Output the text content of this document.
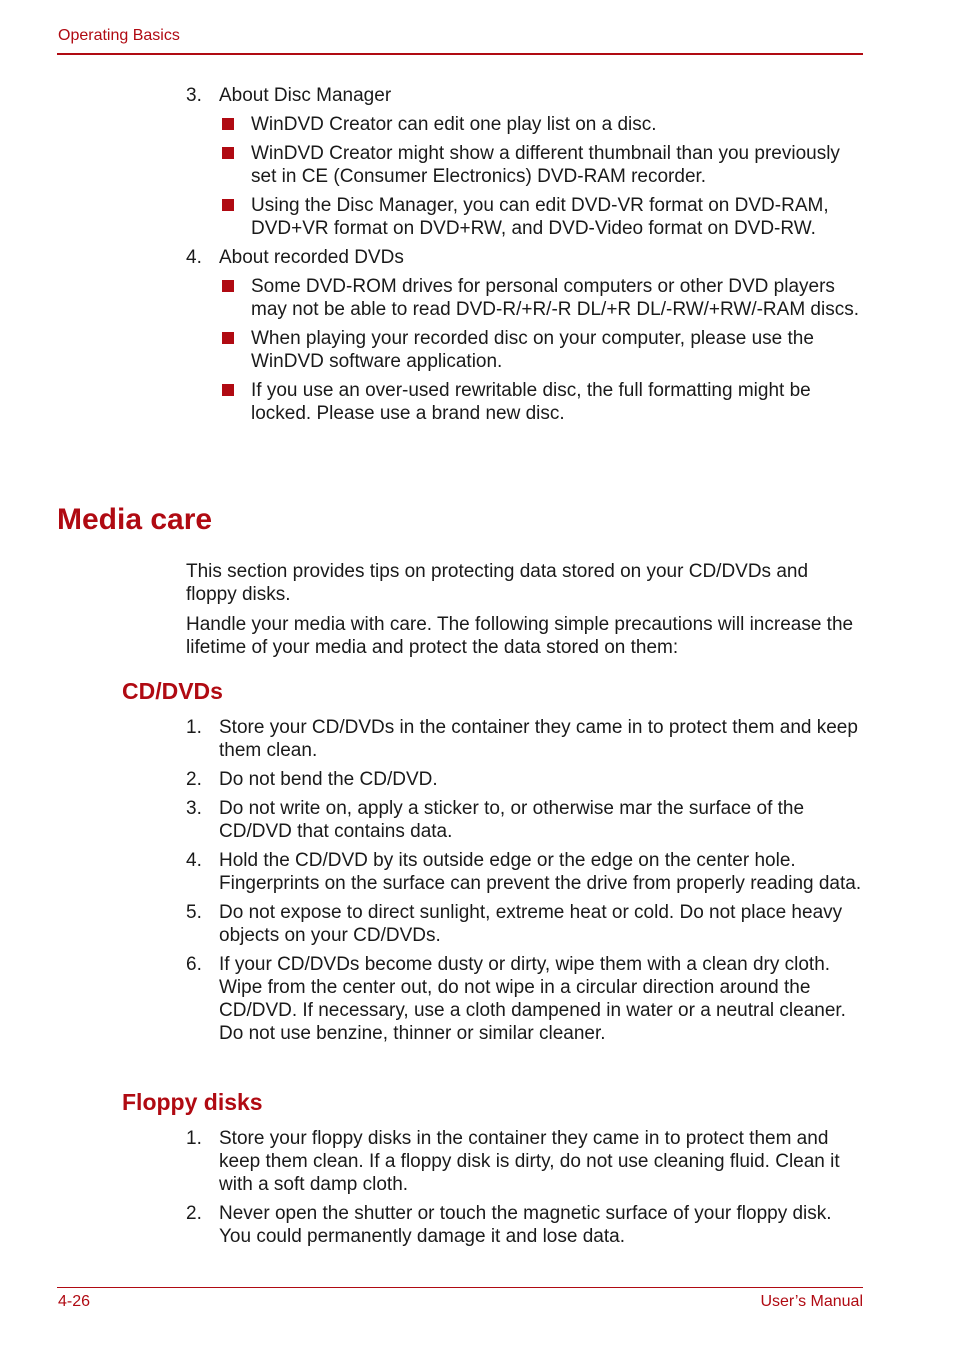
Operating Basics
3. About Disc Manager
WinDVD Creator can edit one play list on a disc.
WinDVD Creator might show a different thumbnail than you previously set in CE (Consumer Electronics) DVD-RAM recorder.
Using the Disc Manager, you can edit DVD-VR format on DVD-RAM, DVD+VR format on DVD+RW, and DVD-Video format on DVD-RW.
4. About recorded DVDs
Some DVD-ROM drives for personal computers or other DVD players may not be able to read DVD-R/+R/-R DL/+R DL/-RW/+RW/-RAM discs.
When playing your recorded disc on your computer, please use the WinDVD software application.
If you use an over-used rewritable disc, the full formatting might be locked. Please use a brand new disc.
Media care

This section provides tips on protecting data stored on your CD/DVDs and floppy disks.

Handle your media with care. The following simple precautions will increase the lifetime of your media and protect the data stored on them:

CD/DVDs
1. Store your CD/DVDs in the container they came in to protect them and keep them clean.
2. Do not bend the CD/DVD.
3. Do not write on, apply a sticker to, or otherwise mar the surface of the CD/DVD that contains data.
4. Hold the CD/DVD by its outside edge or the edge on the center hole. Fingerprints on the surface can prevent the drive from properly reading data.
5. Do not expose to direct sunlight, extreme heat or cold. Do not place heavy objects on your CD/DVDs.
6. If your CD/DVDs become dusty or dirty, wipe them with a clean dry cloth. Wipe from the center out, do not wipe in a circular direction around the CD/DVD. If necessary, use a cloth dampened in water or a neutral cleaner. Do not use benzine, thinner or similar cleaner.
Floppy disks
1. Store your floppy disks in the container they came in to protect them and keep them clean. If a floppy disk is dirty, do not use cleaning fluid. Clean it with a soft damp cloth.
2. Never open the shutter or touch the magnetic surface of your floppy disk. You could permanently damage it and lose data.
4-26	User’s Manual
